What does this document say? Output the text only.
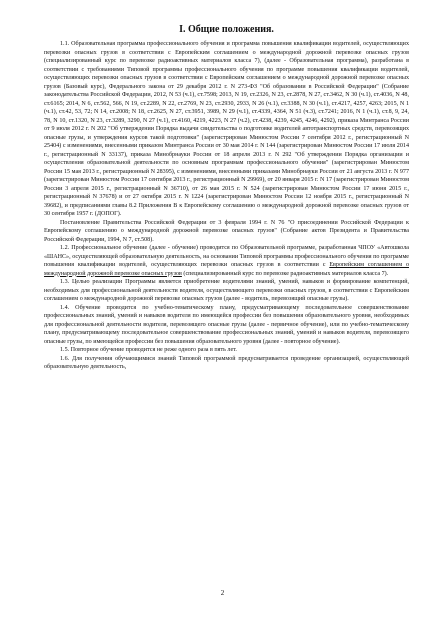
I. Общие положения.

1.1. Образовательная программа профессионального обучения и программа повышения квалификации водителей, осуществляющих перевозки опасных грузов в соответствии с Европейским соглашением о международной дорожной перевозке опасных грузов (специализированный курс по перевозке радиоактивных материалов класса 7), (далее - Образовательная программа), разработана в соответствии с требованиями Типовой программы профессионального обучения по программе повышения квалификации водителей, осуществляющих перевозки опасных грузов в соответствии с Европейским соглашением о международной дорожной перевозке опасных грузов (Базовый курс), Федерального закона от 29 декабря 2012 г. N 273-ФЗ "Об образовании в Российской Федерации" (Собрание законодательства Российской Федерации, 2012, N 53 (ч.1), ст.7598; 2013, N 19, ст.2326, N 23, ст.2878, N 27, ст.3462, N 30 (ч.1), ст.4036, N 48, ст.6165; 2014, N 6, ст.562, 566, N 19, ст.2289, N 22, ст.2769, N 23, ст.2930, 2933, N 26 (ч.1), ст.3388, N 30 (ч.1), ст.4217, 4257, 4263; 2015, N 1 (ч.1), ст.42, 53, 72; N 14, ст.2008; N 18, ст.2625, N 27, ст.3951, 3989, N 29 (ч.1), ст.4339, 4364, N 51 (ч.3), ст.7241; 2016, N 1 (ч.1), ст.8, 9, 24, 78, N 10, ст.1320, N 23, ст.3289, 3290, N 27 (ч.1), ст.4160, 4219, 4223, N 27 (ч.2), ст.4238, 4239, 4245, 4246, 4292), приказа Минтранса России от 9 июля 2012 г. N 202 "Об утверждении Порядка выдачи свидетельства о подготовке водителей автотранспортных средств, перевозящих опасные грузы, и утверждения курсов такой подготовки" (зарегистрирован Минюстом России 7 сентября 2012 г., регистрационный N 25404) с изменениями, внесенными приказом Минтранса России от 30 мая 2014 г. N 144 (зарегистрирован Минюстом России 17 июля 2014 г., регистрационный N 33137), приказа Минобрнауки России от 18 апреля 2013 г. N 292 "Об утверждении Порядка организации и осуществления образовательной деятельности по основным программам профессионального обучения" (зарегистрирован Минюстом России 15 мая 2013 г., регистрационный N 28395), с изменениями, внесенными приказами Минобрнауки России от 21 августа 2013 г. N 977 (зарегистрирован Минюстом России 17 сентября 2013 г., регистрационный N 29969), от 20 января 2015 г. N 17 (зарегистрирован Минюстом России 3 апреля 2015 г., регистрационный N 36710), от 26 мая 2015 г. N 524 (зарегистрирован Минюстом России 17 июня 2015 г., регистрационный N 37678) и от 27 октября 2015 г. N 1224 (зарегистрирован Минюстом России 12 ноября 2015 г., регистрационный N 39682), и предписаниями главы 8.2 Приложения В к Европейскому соглашению о международной дорожной перевозке опасных грузов от 30 сентября 1957 г. (ДОПОГ).

Постановление Правительства Российской Федерации от 3 февраля 1994 г. N 76 "О присоединении Российской Федерации к Европейскому соглашению о международной дорожной перевозке опасных грузов" (Собрание актов Президента и Правительства Российской Федерации, 1994, N 7, ст.508).

1.2. Профессиональное обучение (далее - обучение) проводится по Образовательной программе, разработанная ЧПОУ «Автошкола «ШАНС», осуществляющей образовательную деятельность, на основании Типовой программы профессионального обучения по программе повышения квалификации водителей, осуществляющих перевозки опасных грузов в соответствии с Европейским соглашением о международной дорожной перевозке опасных грузов (специализированный курс по перевозке радиоактивных материалов класса 7).

1.3. Целью реализации Программы является приобретение водителями знаний, умений, навыков и формирование компетенций, необходимых для профессиональной деятельности водителя, осуществляющего перевозки опасных грузов, в соответствии с Европейским соглашением о международной дорожной перевозке опасных грузов (далее - водитель, перевозящий опасные грузы).

1.4. Обучение проводится по учебно-тематическому плану, предусматривающему последовательное совершенствование профессиональных знаний, умений и навыков водителя по имеющейся профессии без повышения образовательного уровня, необходимых для профессиональной деятельности водителя, перевозящего опасные грузы (далее - первичное обучение), или по учебно-тематическому плану, предусматривающему последовательное совершенствование профессиональных знаний, умений и навыков водителя, перевозящего опасные грузы, по имеющейся профессии без повышения образовательного уровня (далее - повторное обучение).

1.5. Повторное обучение проводится не реже одного раза в пять лет.

1.6. Для получения обучающимися знаний Типовой программой предусматривается проведение организацией, осуществляющей образовательную деятельность,

2
